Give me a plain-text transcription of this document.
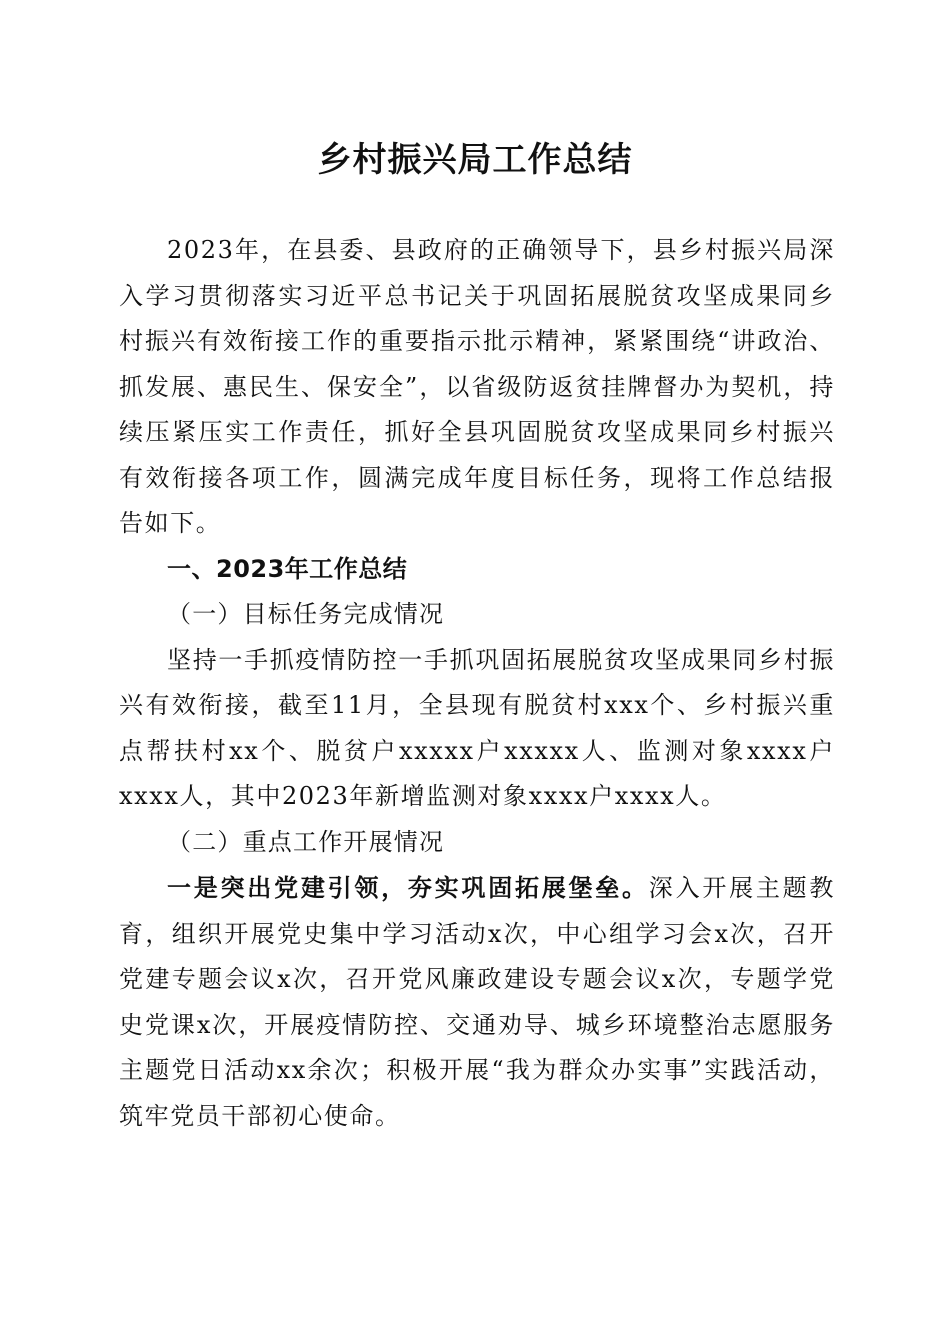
乡村振兴局工作总结

2023年，在县委、县政府的正确领导下，县乡村振兴局深入学习贯彻落实习近平总书记关于巩固拓展脱贫攻坚成果同乡村振兴有效衔接工作的重要指示批示精神，紧紧围绕“讲政治、抓发展、惠民生、保安全”，以省级防返贫挂牌督办为契机，持续压紧压实工作责任，抓好全县巩固脱贫攻坚成果同乡村振兴有效衔接各项工作，圆满完成年度目标任务，现将工作总结报告如下。

一、2023年工作总结

（一）目标任务完成情况

坚持一手抓疫情防控一手抓巩固拓展脱贫攻坚成果同乡村振兴有效衔接，截至11月，全县现有脱贫村xxx个、乡村振兴重点帮扶村xx个、脱贫户xxxxx户xxxxx人、监测对象xxxx户xxxx人，其中2023年新增监测对象xxxx户xxxx人。

（二）重点工作开展情况

一是突出党建引领，夯实巩固拓展堡垒。深入开展主题教育，组织开展党史集中学习活动x次，中心组学习会x次，召开党建专题会议x次，召开党风廉政建设专题会议x次，专题学党史党课x次，开展疫情防控、交通劝导、城乡环境整治志愿服务主题党日活动xx余次；积极开展“我为群众办实事”实践活动，筑牢党员干部初心使命。
